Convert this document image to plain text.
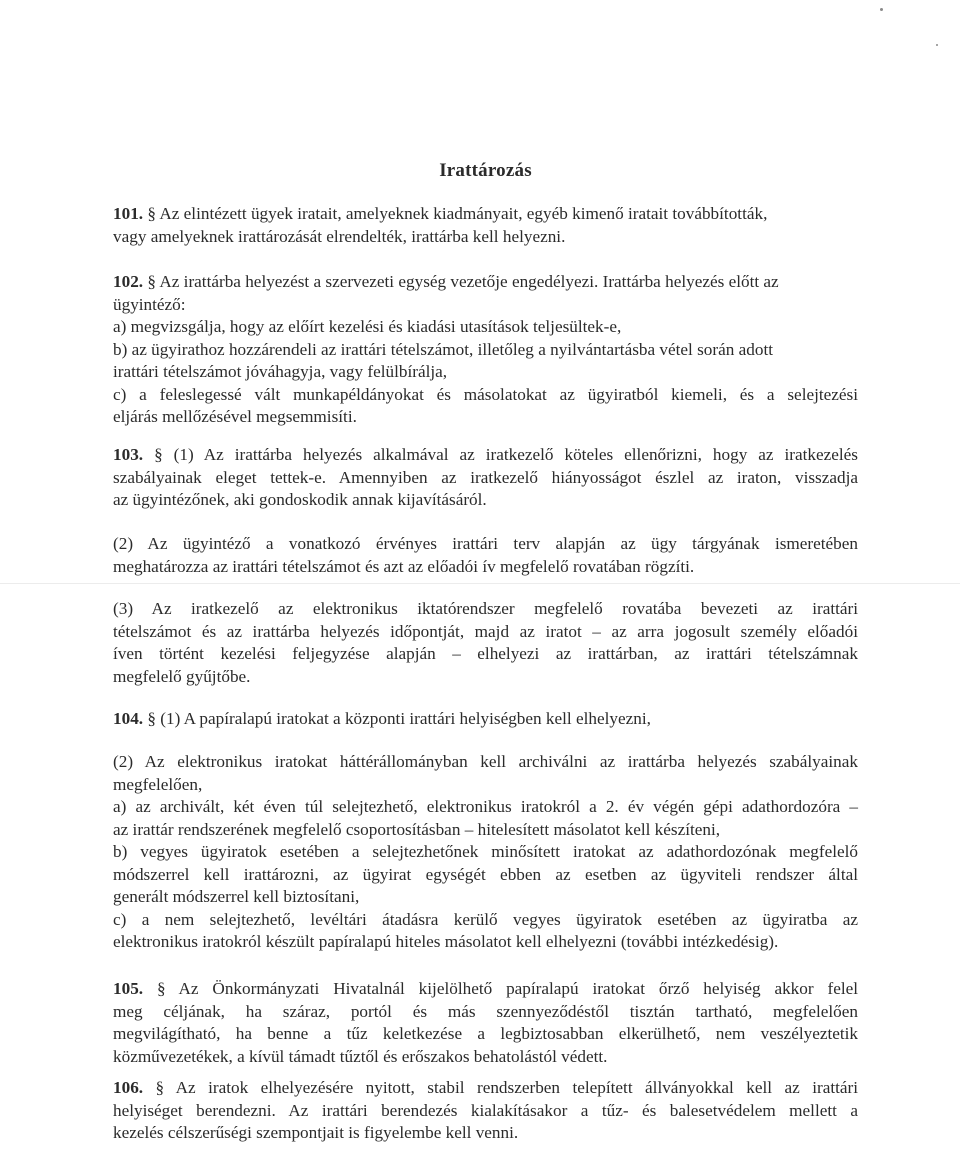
Irattározás
101. § Az elintézett ügyek iratait, amelyeknek kiadmányait, egyéb kimenő iratait továbbították,
vagy amelyeknek irattározását elrendelték, irattárba kell helyezni.
102. § Az irattárba helyezést a szervezeti egység vezetője engedélyezi. Irattárba helyezés előtt az
ügyintéző:
a) megvizsgálja, hogy az előírt kezelési és kiadási utasítások teljesültek-e,
b) az ügyirathoz hozzárendeli az irattári tételszámot, illetőleg a nyilvántartásba vétel során adott
irattári tételszámot jóváhagyja, vagy felülbírálja,
c) a feleslegessé vált munkapéldányokat és másolatokat az ügyiratból kiemeli, és a selejtezési
eljárás mellőzésével megsemmisíti.
103. § (1) Az irattárba helyezés alkalmával az iratkezelő köteles ellenőrizni, hogy az iratkezelés
szabályainak eleget tettek-e. Amennyiben az iratkezelő hiányosságot észlel az iraton, visszadja
az ügyintézőnek, aki gondoskodik annak kijavításáról.
(2) Az ügyintéző a vonatkozó érvényes irattári terv alapján az ügy tárgyának ismeretében
meghatározza az irattári tételszámot és azt az előadói ív megfelelő rovatában rögzíti.
(3) Az iratkezelő az elektronikus iktatórendszer megfelelő rovatába bevezeti az irattári
tételszámot és az irattárba helyezés időpontját, majd az iratot – az arra jogosult személy előadói
íven történt kezelési feljegyzése alapján – elhelyezi az irattárban, az irattári tételszámnak
megfelelő gyűjtőbe.
104. § (1) A papíralapú iratokat a központi irattári helyiségben kell elhelyezni,
(2) Az elektronikus iratokat háttérállományban kell archiválni az irattárba helyezés szabályainak
megfelelően,
a) az archivált, két éven túl selejtezhető, elektronikus iratokról a 2. év végén gépi adathordozóra –
az irattár rendszerének megfelelő csoportosításban – hitelesített másolatot kell készíteni,
b) vegyes ügyiratok esetében a selejtezhetőnek minősített iratokat az adathordozónak megfelelő
módszerrel kell irattározni, az ügyirat egységét ebben az esetben az ügyviteli rendszer által
generált módszerrel kell biztosítani,
c) a nem selejtezhető, levéltári átadásra kerülő vegyes ügyiratok esetében az ügyiratba az
elektronikus iratokról készült papíralapú hiteles másolatot kell elhelyezni (további intézkedésig).
105. § Az Önkormányzati Hivatalnál kijelölhető papíralapú iratokat őrző helyiség akkor felel
meg céljának, ha száraz, portól és más szennyeződéstől tisztán tartható, megfelelően
megvilágítható, ha benne a tűz keletkezése a legbiztosabban elkerülhető, nem veszélyeztetik
közművezetékek, a kívül támadt tűztől és erőszakos behatolástól védett.
106. § Az iratok elhelyezésére nyitott, stabil rendszerben telepített állványokkal kell az irattári
helyiséget berendezni. Az irattári berendezés kialakításakor a tűz- és balesetvédelem mellett a
kezelés célszerűségi szempontjait is figyelembe kell venni.
